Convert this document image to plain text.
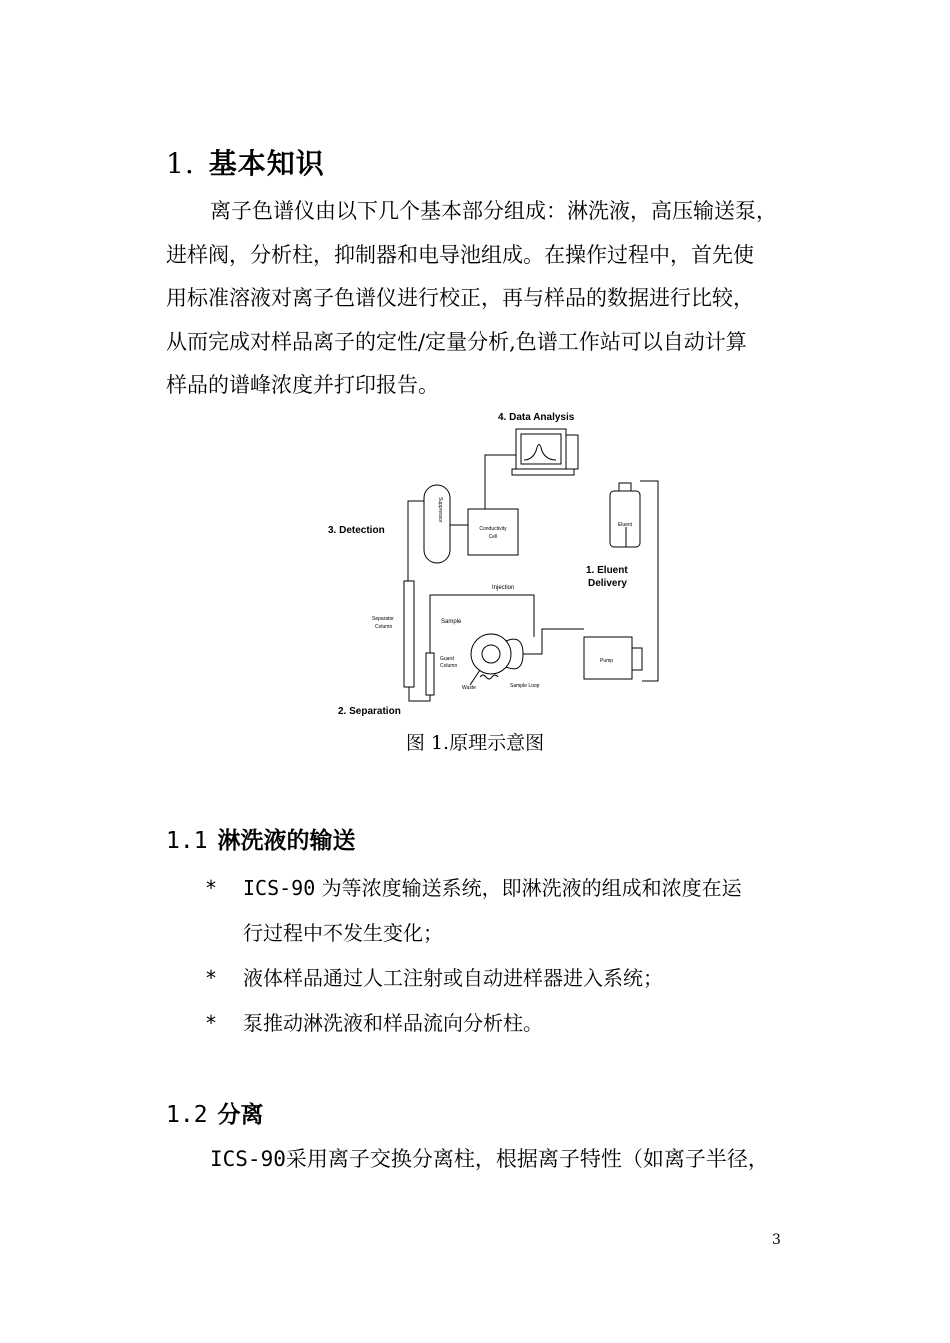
1. 基本知识

离子色谱仪由以下几个基本部分组成：淋洗液，高压输送泵，

进样阀，分析柱，抑制器和电导池组成。在操作过程中，首先使

用标准溶液对离子色谱仪进行校正，再与样品的数据进行比较，

从而完成对样品离子的定性/定量分析,色谱工作站可以自动计算

样品的谱峰浓度并打印报告。

4. Data Analysis
3. Detection
1. Eluent
Delivery
2. Separation
Suppressor
Conductivity
Cell
Eluent
Injection
Sample
Separator
Column
Guard
Column
Waste	Sample Loop
Pump
图 1.原理示意图
1.1 淋洗液的输送
* ICS-90 为等浓度输送系统，即淋洗液的组成和浓度在运
行过程中不发生变化；
* 液体样品通过人工注射或自动进样器进入系统；
* 泵推动淋洗液和样品流向分析柱。
1.2 分离

ICS-90采用离子交换分离柱，根据离子特性（如离子半径，

3
